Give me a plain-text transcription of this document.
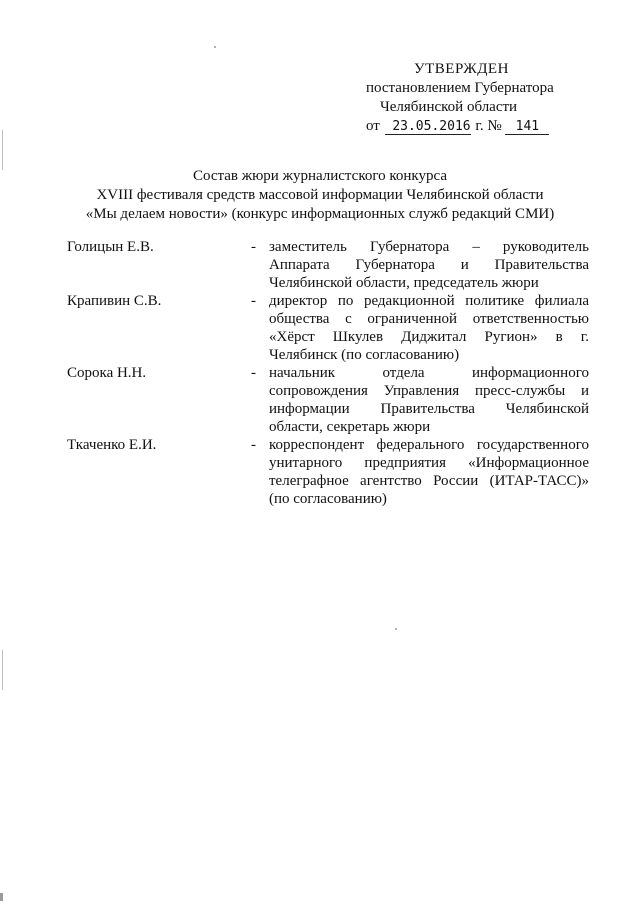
УТВЕРЖДЕН
постановлением Губернатора
Челябинской области
от 23.05.2016 г. № 141
Состав жюри журналистского конкурса
XVIII фестиваля средств массовой информации Челябинской области
«Мы делаем новости» (конкурс информационных служб редакций СМИ)
Голицын Е.В.	- заместитель Губернатора – руководитель Аппарата Губернатора и Правительства Челябинской области, председатель жюри
Крапивин С.В.	- директор по редакционной политике филиала общества с ограниченной ответственностью «Хёрст Шкулев Диджитал Ругион» в г. Челябинск (по согласованию)
Сорока Н.Н.	- начальник отдела информационного сопровождения Управления пресс-службы и информации Правительства Челябинской области, секретарь жюри
Ткаченко Е.И.	- корреспондент федерального государственного унитарного предприятия «Информационное телеграфное агентство России (ИТАР-ТАСС)» (по согласованию)
